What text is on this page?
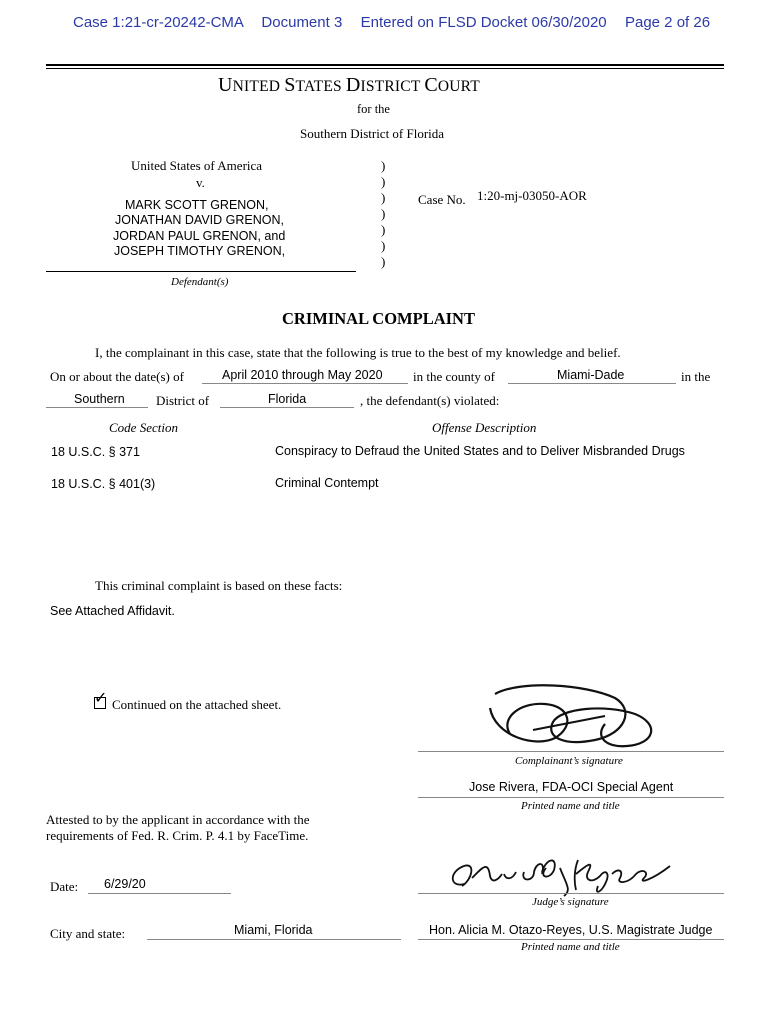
Case 1:21-cr-20242-CMA Document 3 Entered on FLSD Docket 06/30/2020 Page 2 of 26
UNITED STATES DISTRICT COURT
for the
Southern District of Florida
United States of America
v.
MARK SCOTT GRENON,
JONATHAN DAVID GRENON,
JORDAN PAUL GRENON, and
JOSEPH TIMOTHY GRENON,
Defendant(s)
)
)
)
)
)
)
)
Case No. 1:20-mj-03050-AOR
CRIMINAL COMPLAINT
I, the complainant in this case, state that the following is true to the best of my knowledge and belief.
On or about the date(s) of	April 2010 through May 2020 in the county of	Miami-Dade	in the
Southern District of	Florida	, the defendant(s) violated:
Code Section	Offense Description
18 U.S.C. § 371	Conspiracy to Defraud the United States and to Deliver Misbranded Drugs
18 U.S.C. § 401(3)	Criminal Contempt
This criminal complaint is based on these facts:
See Attached Affidavit.
✓ Continued on the attached sheet.
Complainant’s signature
Jose Rivera, FDA-OCI Special Agent
Printed name and title
Attested to by the applicant in accordance with the
requirements of Fed. R. Crim. P. 4.1 by FaceTime.
Date: 6/29/20
Judge’s signature
City and state:	Miami, Florida	Hon. Alicia M. Otazo-Reyes, U.S. Magistrate Judge
Printed name and title
